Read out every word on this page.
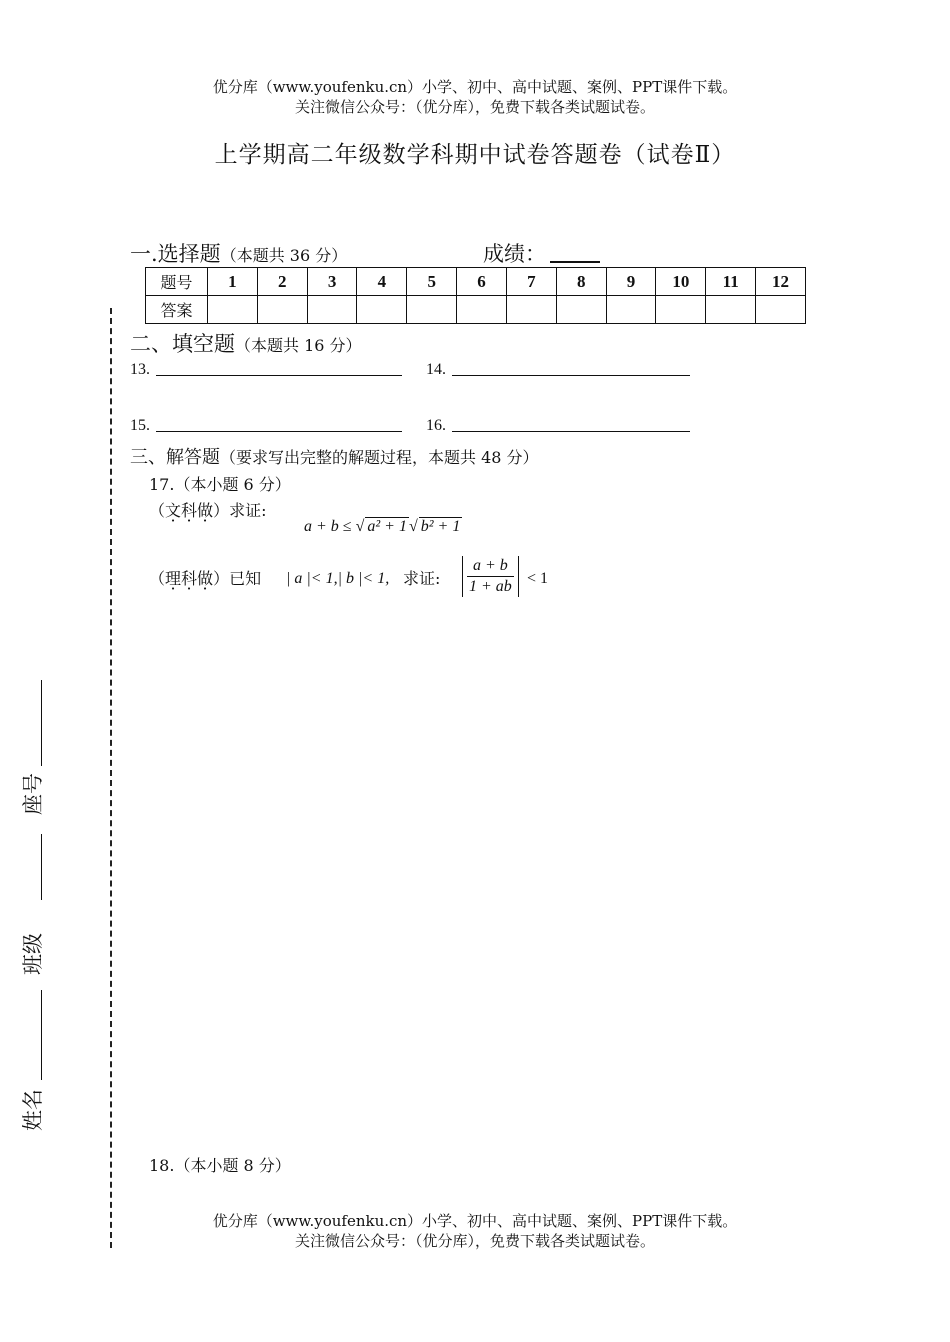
优分库（www.youfenku.cn）小学、初中、高中试题、案例、PPT课件下载。
关注微信公众号：（优分库），免费下载各类试题试卷。
上学期高二年级数学科期中试卷答题卷（试卷Ⅱ）
一.选择题（本题共 36 分）	成绩：
题号	1	2	3	4	5	6	7	8	9	10	11	12
答案												
二、填空题（本题共 16 分）
13.	14.
15.	16.
三、解答题（要求写出完整的解题过程，本题共 48 分）
17.（本小题 6 分）
（文科做）求证:
a + b ≤ √ a² + 1 √ b² + 1
（理科做）已知 | a |< 1,| b |< 1, 求证: $\frac{a + b}{1 + ab} < 1$
18.（本小题 8 分）
优分库（www.youfenku.cn）小学、初中、高中试题、案例、PPT课件下载。
关注微信公众号：（优分库），免费下载各类试题试卷。
座号
班级
姓名
